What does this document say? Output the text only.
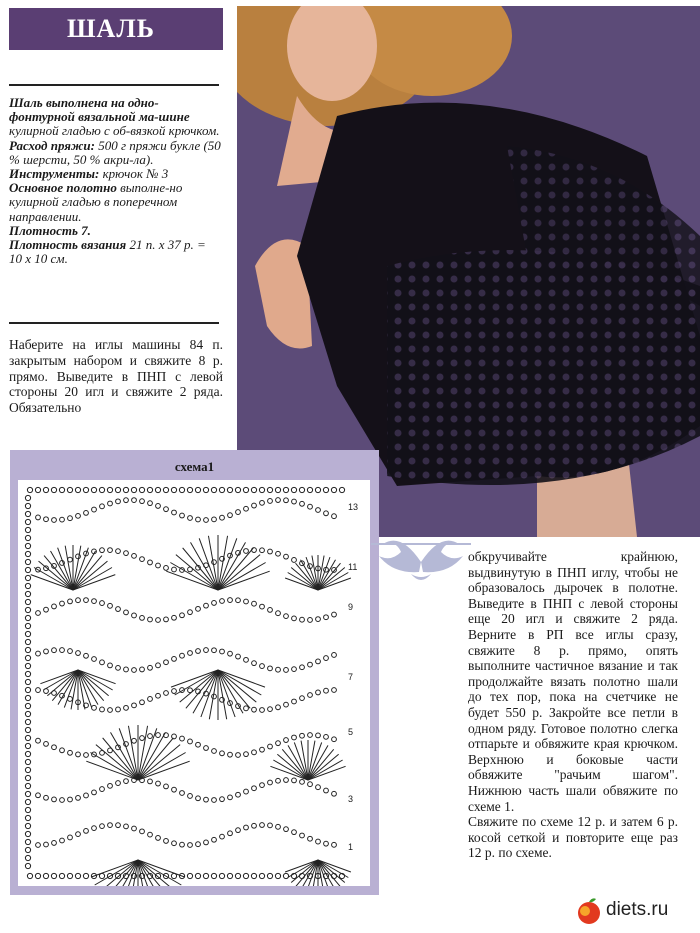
ШАЛЬ

Шаль выполнена на одно-фонтурной вязальной ма-шине кулирной гладью с об-вязкой крючком.

Расход пряжи: 500 г пряжи букле (50 % шерсти, 50 % акри-ла).

Инструменты: крючок № 3

Основное полотно выполне-но кулирной гладью в поперечном направлении.

Плотность 7.

Плотность вязания 21 п. х 37 р. = 10 х 10 см.

Наберите на иглы машины 84 п. закрытым набором и свяжите 8 р. прямо. Выведите в ПНП с левой стороны 20 игл и свяжите 2 ряда. Обязательно
схема1
13
11
9
7
5
3
1
обкручивайте крайнюю, выдвинутую в ПНП иглу, чтобы не образовалось дырочек в полотне. Выведите в ПНП с левой стороны еще 20 игл и свяжите 2 ряда. Верните в РП все иглы сразу, свяжите 8 р. прямо, опять выполните частичное вязание и так продолжайте вязать полотно шали до тех пор, пока на счетчике не будет 550 р. Закройте все петли в одном ряду. Готовое полотно слегка отпарьте и обвяжите края крючком. Верхнюю и боковые части обвяжите "рачьим шагом". Нижнюю часть шали обвяжите по схеме 1.
Свяжите по схеме 12 р. и затем 6 р. косой сеткой и повторите еще раз 12 р. по схеме.
diets.ru
